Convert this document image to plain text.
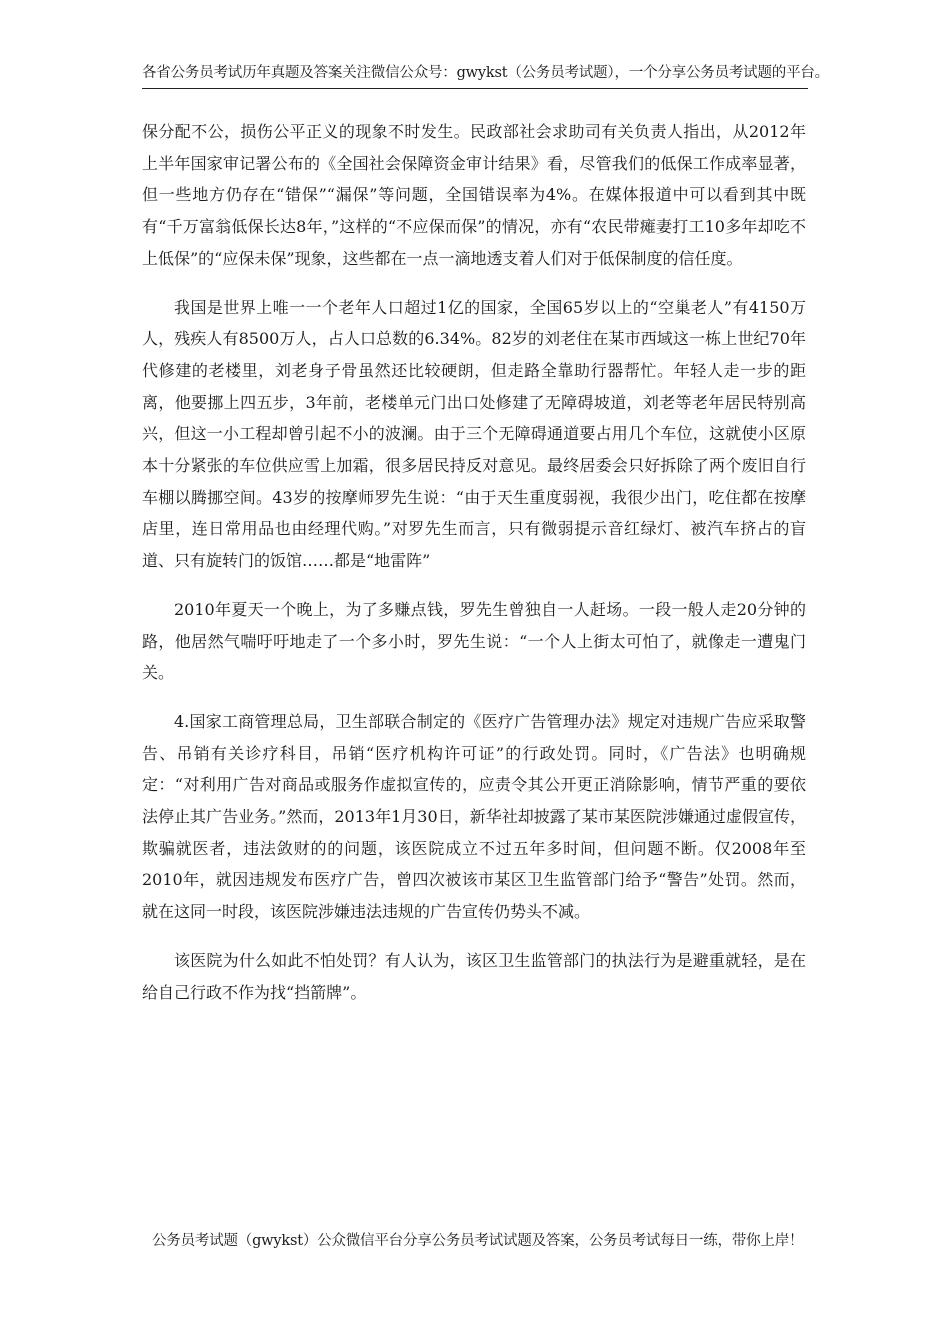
各省公务员考试历年真题及答案关注微信公众号：gwykst（公务员考试题），一个分享公务员考试题的平台。

保分配不公，损伤公平正义的现象不时发生。民政部社会求助司有关负责人指出，从2012年上半年国家审记署公布的《全国社会保障资金审计结果》看，尽管我们的低保工作成率显著，但一些地方仍存在“错保”“漏保”等问题，全国错误率为4%。在媒体报道中可以看到其中既有“千万富翁低保长达8年，”这样的“不应保而保”的情况，亦有“农民带瘫妻打工10多年却吃不上低保”的“应保未保”现象，这些都在一点一滴地透支着人们对于低保制度的信任度。

我国是世界上唯一一个老年人口超过1亿的国家，全国65岁以上的“空巢老人”有4150万人，残疾人有8500万人，占人口总数的6.34%。82岁的刘老住在某市西域这一栋上世纪70年代修建的老楼里，刘老身子骨虽然还比较硬朗，但走路全靠助行器帮忙。年轻人走一步的距离，他要挪上四五步，3年前，老楼单元门出口处修建了无障碍坡道，刘老等老年居民特别高兴，但这一小工程却曾引起不小的波澜。由于三个无障碍通道要占用几个车位，这就使小区原本十分紧张的车位供应雪上加霜，很多居民持反对意见。最终居委会只好拆除了两个废旧自行车棚以腾挪空间。43岁的按摩师罗先生说：“由于天生重度弱视，我很少出门，吃住都在按摩店里，连日常用品也由经理代购。”对罗先生而言，只有微弱提示音红绿灯、被汽车挤占的盲道、只有旋转门的饭馆……都是“地雷阵”

2010年夏天一个晚上，为了多赚点钱，罗先生曾独自一人赶场。一段一般人走20分钟的路，他居然气喘吁吁地走了一个多小时，罗先生说：“一个人上街太可怕了，就像走一遭鬼门关。

4.国家工商管理总局，卫生部联合制定的《医疗广告管理办法》规定对违规广告应采取警告、吊销有关诊疗科目，吊销“医疗机构许可证”的行政处罚。同时，《广告法》也明确规定：“对利用广告对商品或服务作虚拟宣传的，应责令其公开更正消除影响，情节严重的要依法停止其广告业务。”然而，2013年1月30日，新华社却披露了某市某医院涉嫌通过虚假宣传，欺骗就医者，违法敛财的的问题，该医院成立不过五年多时间，但问题不断。仅2008年至2010年，就因违规发布医疗广告，曾四次被该市某区卫生监管部门给予“警告”处罚。然而，就在这同一时段，该医院涉嫌违法违规的广告宣传仍势头不减。

该医院为什么如此不怕处罚？有人认为，该区卫生监管部门的执法行为是避重就轻，是在给自己行政不作为找“挡箭牌”。

公务员考试题（gwykst）公众微信平台分享公务员考试试题及答案，公务员考试每日一练，带你上岸！
